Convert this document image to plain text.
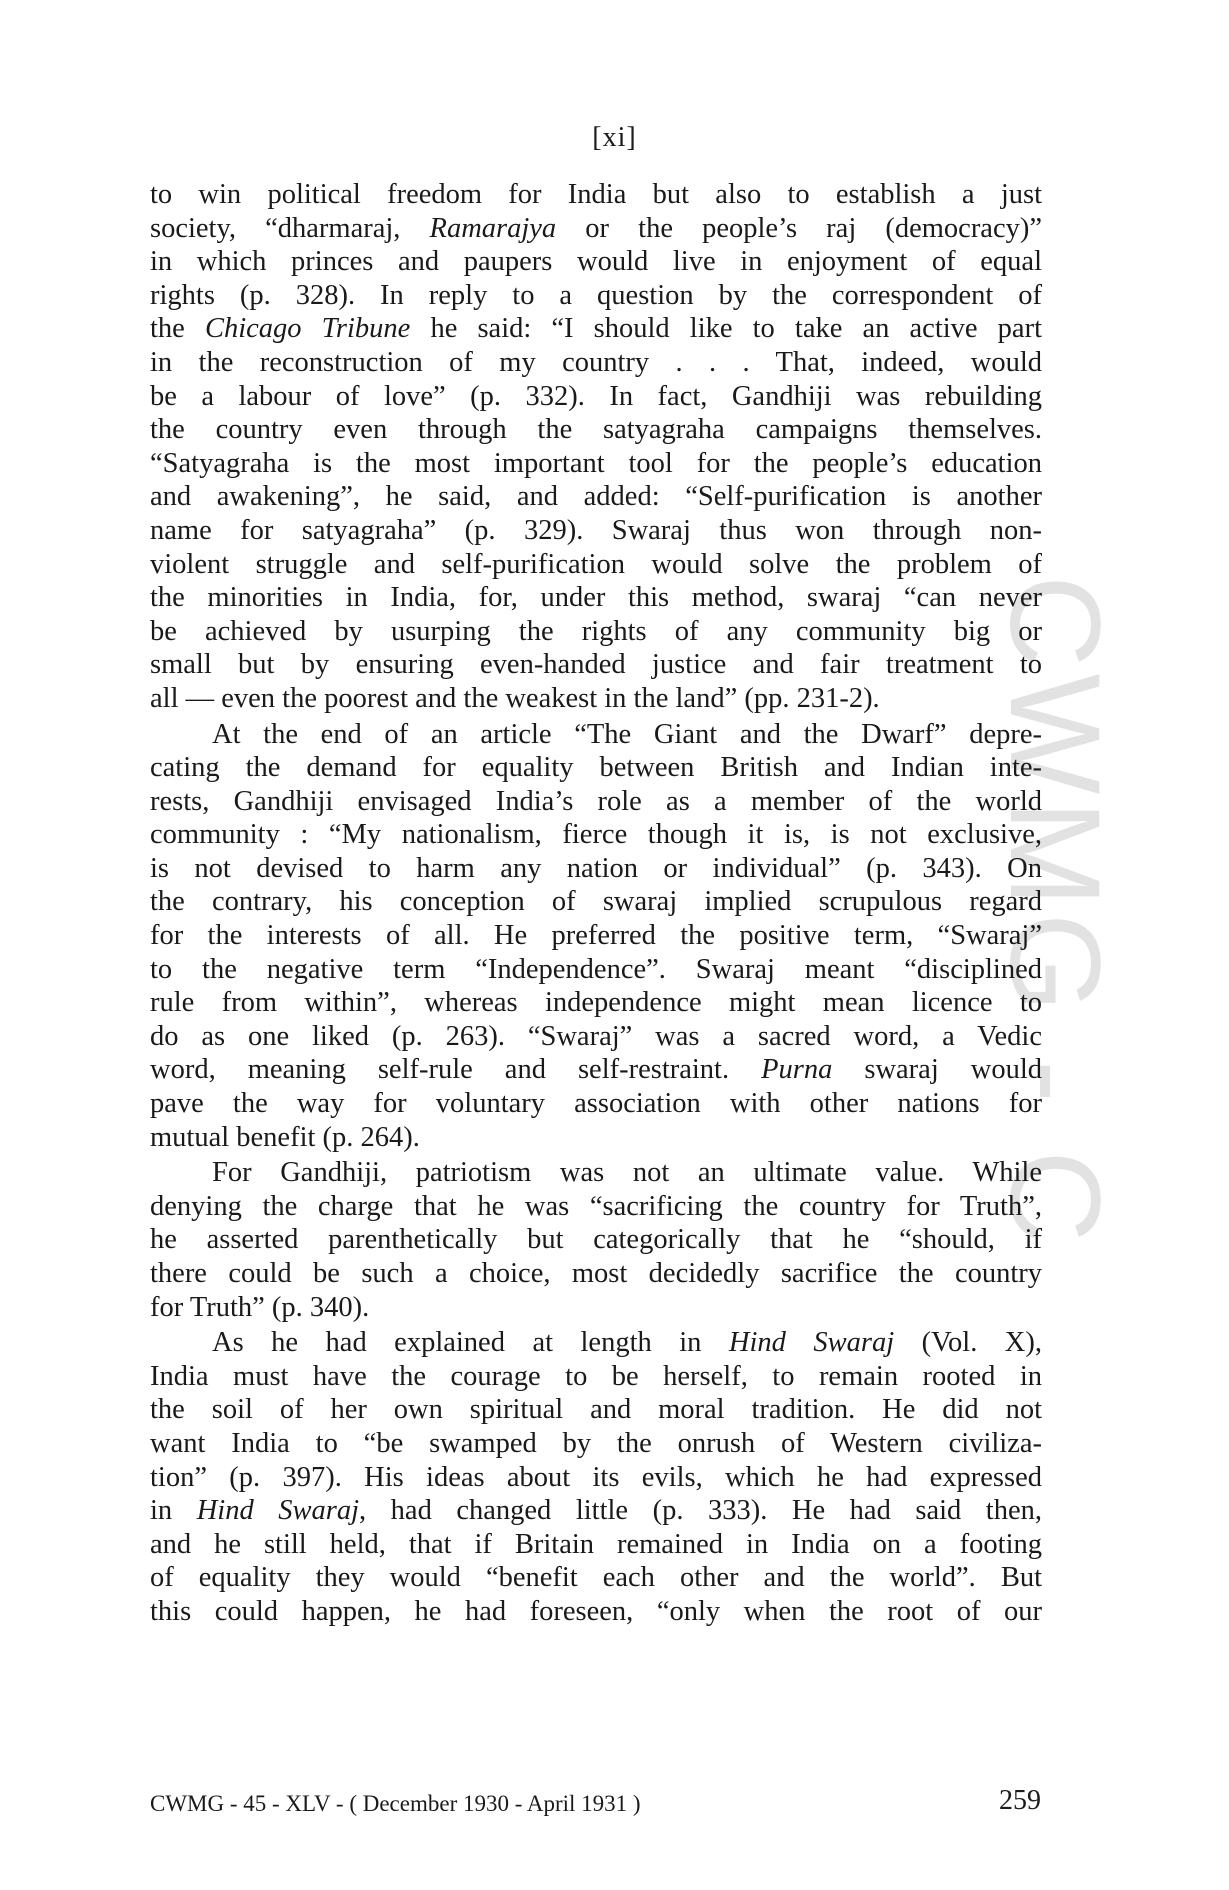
[xi]
CWMG - C
to win political freedom for India but also to establish a just
society, “dharmaraj, Ramarajya or the people’s raj (democracy)”
in which princes and paupers would live in enjoyment of equal
rights (p. 328). In reply to a question by the correspondent of
the Chicago Tribune he said: “I should like to take an active part
in the reconstruction of my country . . . That, indeed, would
be a labour of love” (p. 332). In fact, Gandhiji was rebuilding
the country even through the satyagraha campaigns themselves.
“Satyagraha is the most important tool for the people’s education
and awakening”, he said, and added: “Self-purification is another
name for satyagraha” (p. 329). Swaraj thus won through non-
violent struggle and self-purification would solve the problem of
the minorities in India, for, under this method, swaraj “can never
be achieved by usurping the rights of any community big or
small but by ensuring even-handed justice and fair treatment to
all — even the poorest and the weakest in the land” (pp. 231-2).
At the end of an article “The Giant and the Dwarf” depre-
cating the demand for equality between British and Indian inte-
rests, Gandhiji envisaged India’s role as a member of the world
community : “My nationalism, fierce though it is, is not exclusive,
is not devised to harm any nation or individual” (p. 343). On
the contrary, his conception of swaraj implied scrupulous regard
for the interests of all. He preferred the positive term, “Swaraj”
to the negative term “Independence”. Swaraj meant “disciplined
rule from within”, whereas independence might mean licence to
do as one liked (p. 263). “Swaraj” was a sacred word, a Vedic
word, meaning self-rule and self-restraint. Purna swaraj would
pave the way for voluntary association with other nations for
mutual benefit (p. 264).
For Gandhiji, patriotism was not an ultimate value. While
denying the charge that he was “sacrificing the country for Truth”,
he asserted parenthetically but categorically that he “should, if
there could be such a choice, most decidedly sacrifice the country
for Truth” (p. 340).
As he had explained at length in Hind Swaraj (Vol. X),
India must have the courage to be herself, to remain rooted in
the soil of her own spiritual and moral tradition. He did not
want India to “be swamped by the onrush of Western civiliza-
tion” (p. 397). His ideas about its evils, which he had expressed
in Hind Swaraj, had changed little (p. 333). He had said then,
and he still held, that if Britain remained in India on a footing
of equality they would “benefit each other and the world”. But
this could happen, he had foreseen, “only when the root of our
CWMG - 45 - XLV - ( December 1930 - April 1931 )	259
